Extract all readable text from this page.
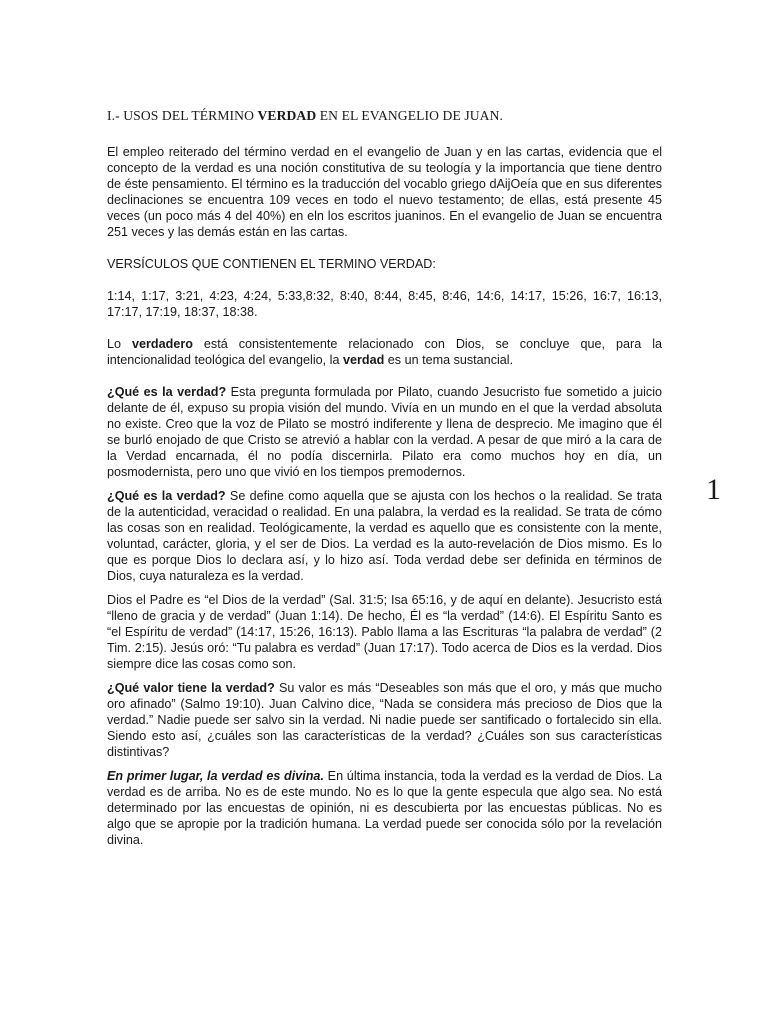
I.- USOS DEL TÉRMINO VERDAD EN EL EVANGELIO DE JUAN.

El empleo reiterado del término verdad en el evangelio de Juan y en las cartas, evidencia que el concepto de la verdad es una noción constitutiva de su teología y la importancia que tiene dentro de éste pensamiento. El término es la traducción del vocablo griego dAijOeía que en sus diferentes declinaciones se encuentra 109 veces en todo el nuevo testamento; de ellas, está presente 45 veces (un poco más 4 del 40%) en eln los escritos juaninos. En el evangelio de Juan se encuentra 251 veces y las demás están en las cartas.

VERSÍCULOS QUE CONTIENEN EL TERMINO VERDAD:

1:14, 1:17, 3:21, 4:23, 4:24, 5:33,8:32, 8:40, 8:44, 8:45, 8:46, 14:6, 14:17, 15:26, 16:7, 16:13, 17:17, 17:19, 18:37, 18:38.

Lo verdadero está consistentemente relacionado con Dios, se concluye que, para la intencionalidad teológica del evangelio, la verdad es un tema sustancial.

¿Qué es la verdad? Esta pregunta formulada por Pilato, cuando Jesucristo fue sometido a juicio delante de él, expuso su propia visión del mundo. Vivía en un mundo en el que la verdad absoluta no existe. Creo que la voz de Pilato se mostró indiferente y llena de desprecio. Me imagino que él se burló enojado de que Cristo se atrevió a hablar con la verdad. A pesar de que miró a la cara de la Verdad encarnada, él no podía discernirla. Pilato era como muchos hoy en día, un posmodernista, pero uno que vivió en los tiempos premodernos.

¿Qué es la verdad? Se define como aquella que se ajusta con los hechos o la realidad. Se trata de la autenticidad, veracidad o realidad. En una palabra, la verdad es la realidad. Se trata de cómo las cosas son en realidad. Teológicamente, la verdad es aquello que es consistente con la mente, voluntad, carácter, gloria, y el ser de Dios. La verdad es la auto-revelación de Dios mismo. Es lo que es porque Dios lo declara así, y lo hizo así. Toda verdad debe ser definida en términos de Dios, cuya naturaleza es la verdad.

Dios el Padre es “el Dios de la verdad” (Sal. 31:5; Isa 65:16, y de aquí en delante). Jesucristo está “lleno de gracia y de verdad” (Juan 1:14). De hecho, Él es “la verdad” (14:6). El Espíritu Santo es “el Espíritu de verdad” (14:17, 15:26, 16:13). Pablo llama a las Escrituras “la palabra de verdad” (2 Tim. 2:15). Jesús oró: “Tu palabra es verdad” (Juan 17:17). Todo acerca de Dios es la verdad. Dios siempre dice las cosas como son.

¿Qué valor tiene la verdad? Su valor es más “Deseables son más que el oro, y más que mucho oro afinado” (Salmo 19:10). Juan Calvino dice, “Nada se considera más precioso de Dios que la verdad.” Nadie puede ser salvo sin la verdad. Ni nadie puede ser santificado o fortalecido sin ella. Siendo esto así, ¿cuáles son las características de la verdad? ¿Cuáles son sus características distintivas?

En primer lugar, la verdad es divina. En última instancia, toda la verdad es la verdad de Dios. La verdad es de arriba. No es de este mundo. No es lo que la gente especula que algo sea. No está determinado por las encuestas de opinión, ni es descubierta por las encuestas públicas. No es algo que se apropie por la tradición humana. La verdad puede ser conocida sólo por la revelación divina.

1
